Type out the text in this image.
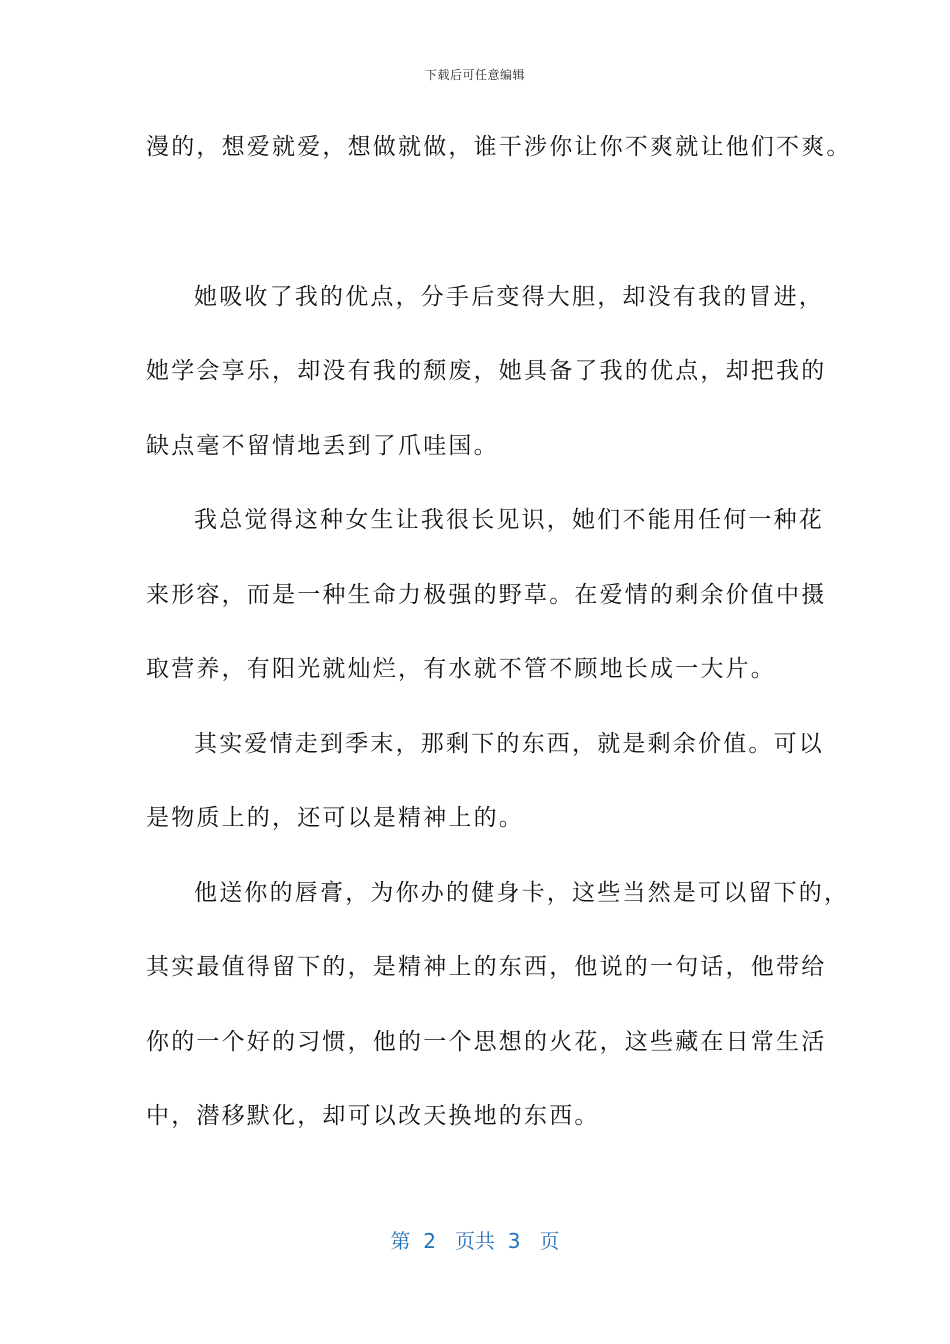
下载后可任意编辑
漫的，想爱就爱，想做就做，谁干涉你让你不爽就让他们不爽。
她吸收了我的优点，分手后变得大胆，却没有我的冒进，
她学会享乐，却没有我的颓废，她具备了我的优点，却把我的
缺点毫不留情地丢到了爪哇国。
我总觉得这种女生让我很长见识，她们不能用任何一种花
来形容，而是一种生命力极强的野草。在爱情的剩余价值中摄
取营养，有阳光就灿烂，有水就不管不顾地长成一大片。
其实爱情走到季末，那剩下的东西，就是剩余价值。可以
是物质上的，还可以是精神上的。
他送你的唇膏，为你办的健身卡，这些当然是可以留下的，
其实最值得留下的，是精神上的东西，他说的一句话，他带给
你的一个好的习惯，他的一个思想的火花，这些藏在日常生活
中，潜移默化，却可以改天换地的东西。
第  2   页共  3   页
